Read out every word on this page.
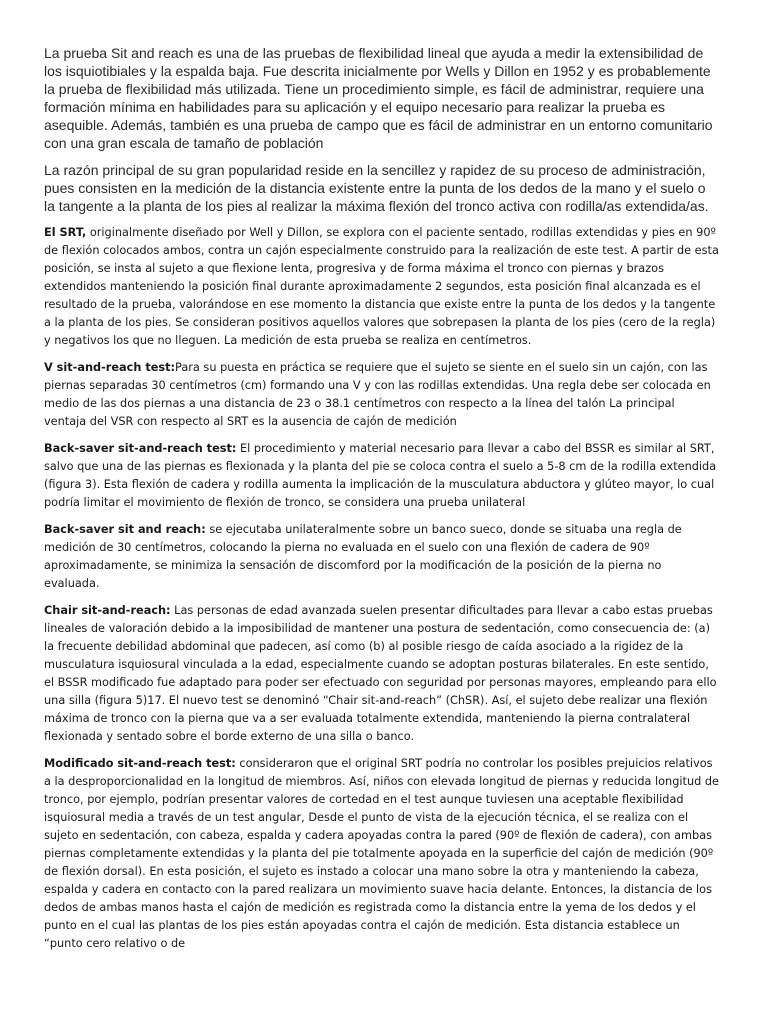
La prueba Sit and reach es una de las pruebas de flexibilidad lineal que ayuda a medir la extensibilidad de los isquiotibiales y la espalda baja. Fue descrita inicialmente por Wells y Dillon en 1952 y es probablemente la prueba de flexibilidad más utilizada. Tiene un procedimiento simple, es fácil de administrar, requiere una formación mínima en habilidades para su aplicación y el equipo necesario para realizar la prueba es asequible. Además, también es una prueba de campo que es fácil de administrar en un entorno comunitario con una gran escala de tamaño de población

La razón principal de su gran popularidad reside en la sencillez y rapidez de su proceso de administración, pues consisten en la medición de la distancia existente entre la punta de los dedos de la mano y el suelo o la tangente a la planta de los pies al realizar la máxima flexión del tronco activa con rodilla/as extendida/as.

El SRT, originalmente diseñado por Well y Dillon, se explora con el paciente sentado, rodillas extendidas y pies en 90º de flexión colocados ambos, contra un cajón especialmente construido para la realización de este test. A partir de esta posición, se insta al sujeto a que flexione lenta, progresiva y de forma máxima el tronco con piernas y brazos extendidos manteniendo la posición final durante aproximadamente 2 segundos, esta posición final alcanzada es el resultado de la prueba, valorándose en ese momento la distancia que existe entre la punta de los dedos y la tangente a la planta de los pies. Se consideran positivos aquellos valores que sobrepasen la planta de los pies (cero de la regla) y negativos los que no lleguen. La medición de esta prueba se realiza en centímetros.

V sit-and-reach test:Para su puesta en práctica se requiere que el sujeto se siente en el suelo sin un cajón, con las piernas separadas 30 centímetros (cm) formando una V y con las rodillas extendidas. Una regla debe ser colocada en medio de las dos piernas a una distancia de 23 o 38.1 centímetros con respecto a la línea del talón La principal ventaja del VSR con respecto al SRT es la ausencia de cajón de medición

Back-saver sit-and-reach test: El procedimiento y material necesario para llevar a cabo del BSSR es similar al SRT, salvo que una de las piernas es flexionada y la planta del pie se coloca contra el suelo a 5-8 cm de la rodilla extendida (figura 3). Esta flexión de cadera y rodilla aumenta la implicación de la musculatura abductora y glúteo mayor, lo cual podría limitar el movimiento de flexión de tronco, se considera una prueba unilateral

Back-saver sit and reach: se ejecutaba unilateralmente sobre un banco sueco, donde se situaba una regla de medición de 30 centímetros, colocando la pierna no evaluada en el suelo con una flexión de cadera de 90º aproximadamente, se minimiza la sensación de discomford por la modificación de la posición de la pierna no evaluada.

Chair sit-and-reach: Las personas de edad avanzada suelen presentar dificultades para llevar a cabo estas pruebas lineales de valoración debido a la imposibilidad de mantener una postura de sedentación, como consecuencia de: (a) la frecuente debilidad abdominal que padecen, así como (b) al posible riesgo de caída asociado a la rigidez de la musculatura isquiosural vinculada a la edad, especialmente cuando se adoptan posturas bilaterales. En este sentido, el BSSR modificado fue adaptado para poder ser efectuado con seguridad por personas mayores, empleando para ello una silla (figura 5)17. El nuevo test se denominó “Chair sit-and-reach” (ChSR). Así, el sujeto debe realizar una flexión máxima de tronco con la pierna que va a ser evaluada totalmente extendida, manteniendo la pierna contralateral flexionada y sentado sobre el borde externo de una silla o banco.

Modificado sit-and-reach test: consideraron que el original SRT podría no controlar los posibles prejuicios relativos a la desproporcionalidad en la longitud de miembros. Así, niños con elevada longitud de piernas y reducida longitud de tronco, por ejemplo, podrían presentar valores de cortedad en el test aunque tuviesen una aceptable flexibilidad isquiosural media a través de un test angular, Desde el punto de vista de la ejecución técnica, el se realiza con el sujeto en sedentación, con cabeza, espalda y cadera apoyadas contra la pared (90º de flexión de cadera), con ambas piernas completamente extendidas y la planta del pie totalmente apoyada en la superficie del cajón de medición (90º de flexión dorsal). En esta posición, el sujeto es instado a colocar una mano sobre la otra y manteniendo la cabeza, espalda y cadera en contacto con la pared realizara un movimiento suave hacia delante. Entonces, la distancia de los dedos de ambas manos hasta el cajón de medición es registrada como la distancia entre la yema de los dedos y el punto en el cual las plantas de los pies están apoyadas contra el cajón de medición. Esta distancia establece un “punto cero relativo o de
